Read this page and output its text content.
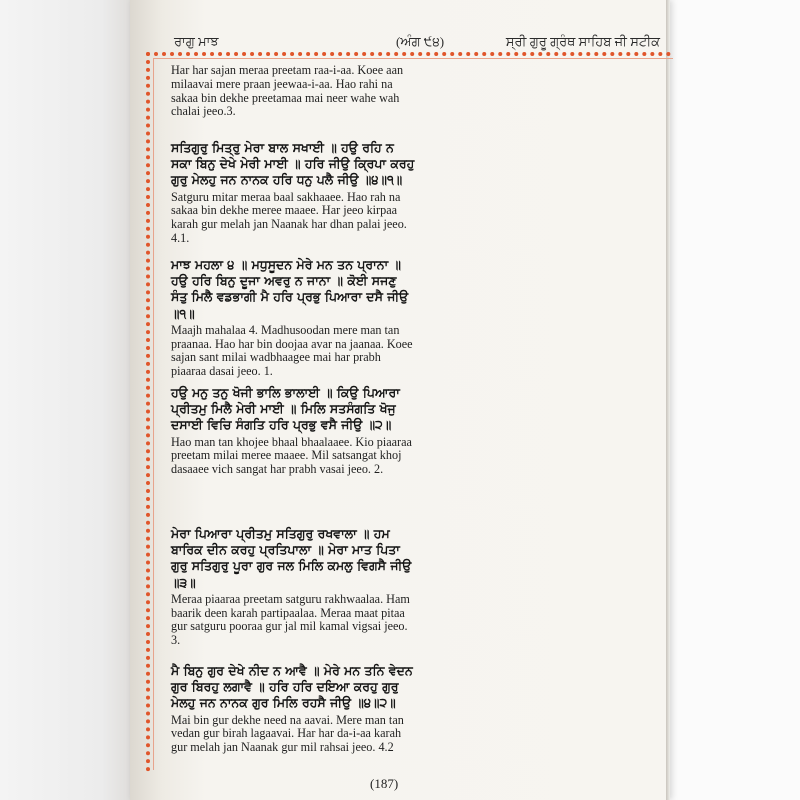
ਰਾਗੁ ਮਾਝ	(ਅੰਗ ੯੪)	ਸ੍ਰੀ ਗੁਰੂ ਗ੍ਰੰਥ ਸਾਹਿਬ ਜੀ ਸਟੀਕ

Har har sajan meraa preetam raa-i-aa. Koee aan milaavai mere praan jeewaa-i-aa. Hao rahi na sakaa bin dekhe preetamaa mai neer wahe wah chalai jeeo.3.

ਸਤਿਗੁਰੁ ਮਿਤ੍ਰੁ ਮੇਰਾ ਬਾਲ ਸਖਾਈ ॥ ਹਉ ਰਹਿ ਨ ਸਕਾ ਬਿਨੁ ਦੇਖੇ ਮੇਰੀ ਮਾਈ ॥ ਹਰਿ ਜੀਉ ਕ੍ਰਿਪਾ ਕਰਹੁ ਗੁਰੁ ਮੇਲਹੁ ਜਨ ਨਾਨਕ ਹਰਿ ਧਨੁ ਪਲੈ ਜੀਉ ॥੪॥੧॥

Satguru mitar meraa baal sakhaaee. Hao rah na sakaa bin dekhe meree maaee. Har jeeo kirpaa karah gur melah jan Naanak har dhan palai jeeo. 4.1.

ਮਾਝ ਮਹਲਾ ੪ ॥ ਮਧੁਸੂਦਨ ਮੇਰੇ ਮਨ ਤਨ ਪ੍ਰਾਨਾ ॥ ਹਉ ਹਰਿ ਬਿਨੁ ਦੂਜਾ ਅਵਰੁ ਨ ਜਾਨਾ ॥ ਕੋਈ ਸਜਣੁ ਸੰਤੁ ਮਿਲੈ ਵਡਭਾਗੀ ਮੈ ਹਰਿ ਪ੍ਰਭੁ ਪਿਆਰਾ ਦਸੈ ਜੀਉ ॥੧॥

Maajh mahalaa 4. Madhusoodan mere man tan praanaa. Hao har bin doojaa avar na jaanaa. Koee sajan sant milai wadbhaagee mai har prabh piaaraa dasai jeeo. 1.

ਹਉ ਮਨੁ ਤਨੁ ਖੋਜੀ ਭਾਲਿ ਭਾਲਾਈ ॥ ਕਿਉ ਪਿਆਰਾ ਪ੍ਰੀਤਮੁ ਮਿਲੈ ਮੇਰੀ ਮਾਈ ॥ ਮਿਲਿ ਸਤਸੰਗਤਿ ਖੋਜੁ ਦਸਾਈ ਵਿਚਿ ਸੰਗਤਿ ਹਰਿ ਪ੍ਰਭੁ ਵਸੈ ਜੀਉ ॥੨॥

Hao man tan khojee bhaal bhaalaaee. Kio piaaraa preetam milai meree maaee. Mil satsangat khoj dasaaee vich sangat har prabh vasai jeeo. 2.

ਮੇਰਾ ਪਿਆਰਾ ਪ੍ਰੀਤਮੁ ਸਤਿਗੁਰੁ ਰਖਵਾਲਾ ॥ ਹਮ ਬਾਰਿਕ ਦੀਨ ਕਰਹੁ ਪ੍ਰਤਿਪਾਲਾ ॥ ਮੇਰਾ ਮਾਤ ਪਿਤਾ ਗੁਰੁ ਸਤਿਗੁਰੁ ਪੂਰਾ ਗੁਰ ਜਲ ਮਿਲਿ ਕਮਲੁ ਵਿਗਸੈ ਜੀਉ ॥੩॥

Meraa piaaraa preetam satguru rakhwaalaa. Ham baarik deen karah partipaalaa. Meraa maat pitaa gur satguru pooraa gur jal mil kamal vigsai jeeo. 3.

ਮੈ ਬਿਨੁ ਗੁਰ ਦੇਖੇ ਨੀਦ ਨ ਆਵੈ ॥ ਮੇਰੇ ਮਨ ਤਨਿ ਵੇਦਨ ਗੁਰ ਬਿਰਹੁ ਲਗਾਵੈ ॥ ਹਰਿ ਹਰਿ ਦਇਆ ਕਰਹੁ ਗੁਰੁ ਮੇਲਹੁ ਜਨ ਨਾਨਕ ਗੁਰ ਮਿਲਿ ਰਹਸੈ ਜੀਉ ॥੪॥੨॥

Mai bin gur dekhe need na aavai. Mere man tan vedan gur birah lagaavai. Har har da-i-aa karah gur melah jan Naanak gur mil rahsai jeeo. 4.2

(187)
